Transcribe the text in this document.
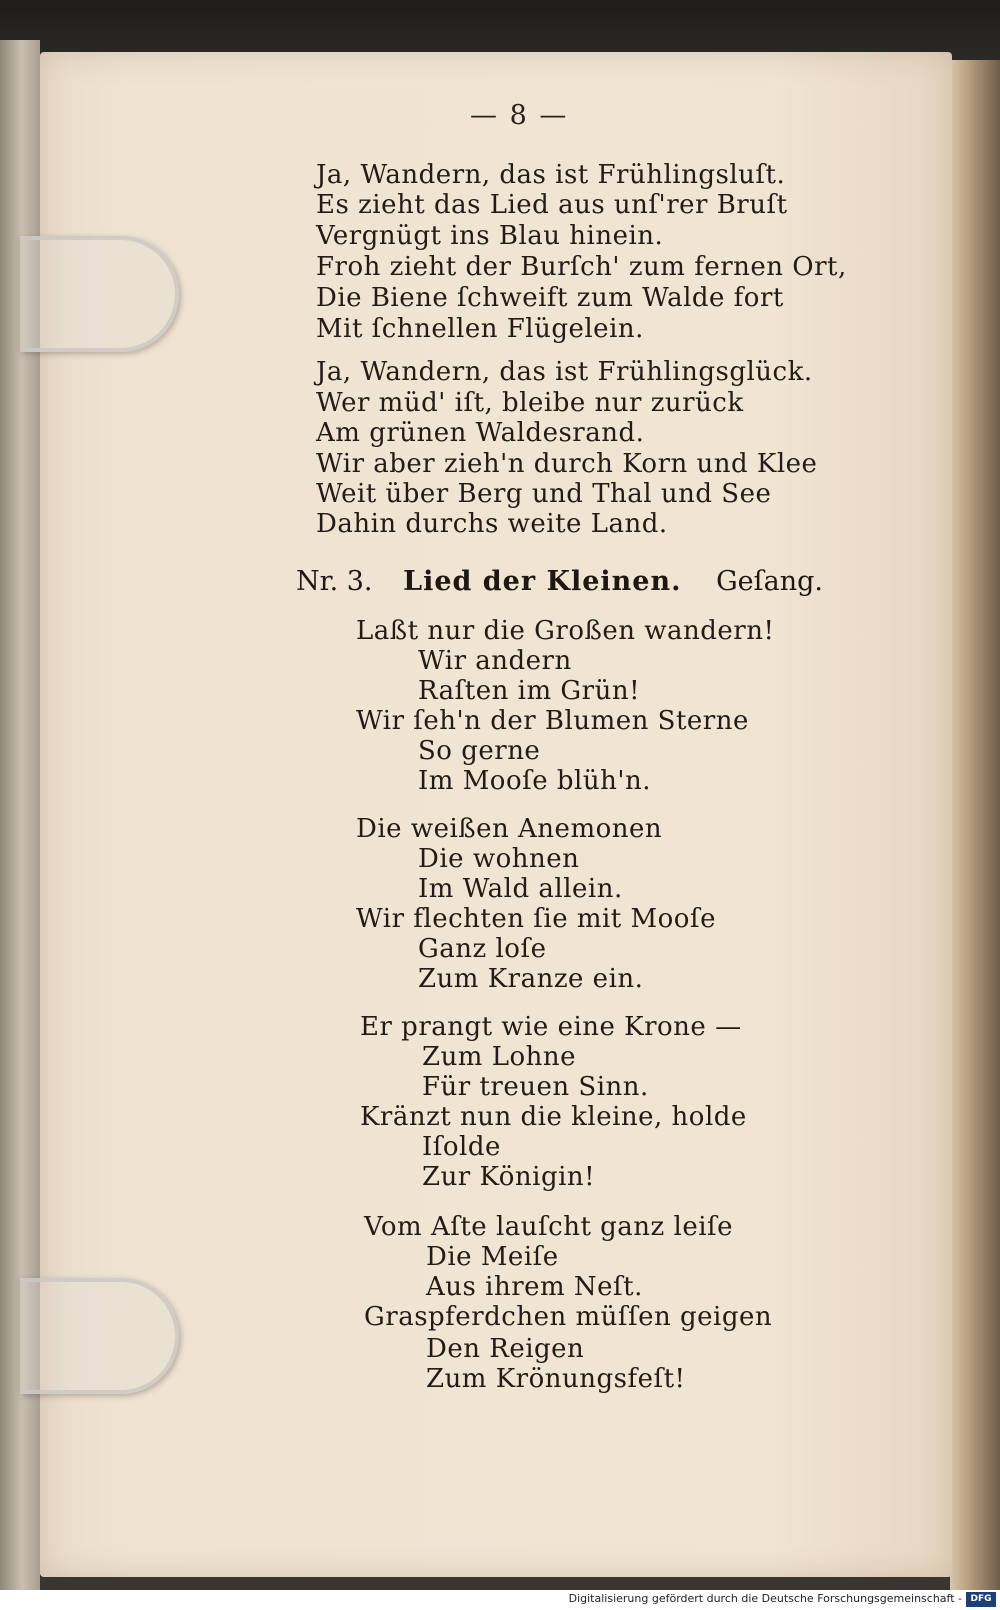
— 8 —
Ja, Wandern, das ist Frühlingsluſt.
Es zieht das Lied aus unſ'rer Bruſt
Vergnügt ins Blau hinein.
Froh zieht der Burſch' zum fernen Ort,
Die Biene ſchweift zum Walde fort
Mit ſchnellen Flügelein.
Ja, Wandern, das ist Frühlingsglück.
Wer müd' iſt, bleibe nur zurück
Am grünen Waldesrand.
Wir aber zieh'n durch Korn und Klee
Weit über Berg und Thal und See
Dahin durchs weite Land.
Nr. 3. Lied der Kleinen. Geſang.
Laßt nur die Großen wandern!
Wir andern
Raſten im Grün!
Wir ſeh'n der Blumen Sterne
So gerne
Im Mooſe blüh'n.
Die weißen Anemonen
Die wohnen
Im Wald allein.
Wir flechten ſie mit Mooſe
Ganz loſe
Zum Kranze ein.
Er prangt wie eine Krone —
Zum Lohne
Für treuen Sinn.
Kränzt nun die kleine, holde
Iſolde
Zur Königin!
Vom Aſte lauſcht ganz leiſe
Die Meiſe
Aus ihrem Neſt.
Graspferdchen müſſen geigen
Den Reigen
Zum Krönungsfeſt!
Digitalisierung gefördert durch die Deutsche Forschungsgemeinschaft - DFG
